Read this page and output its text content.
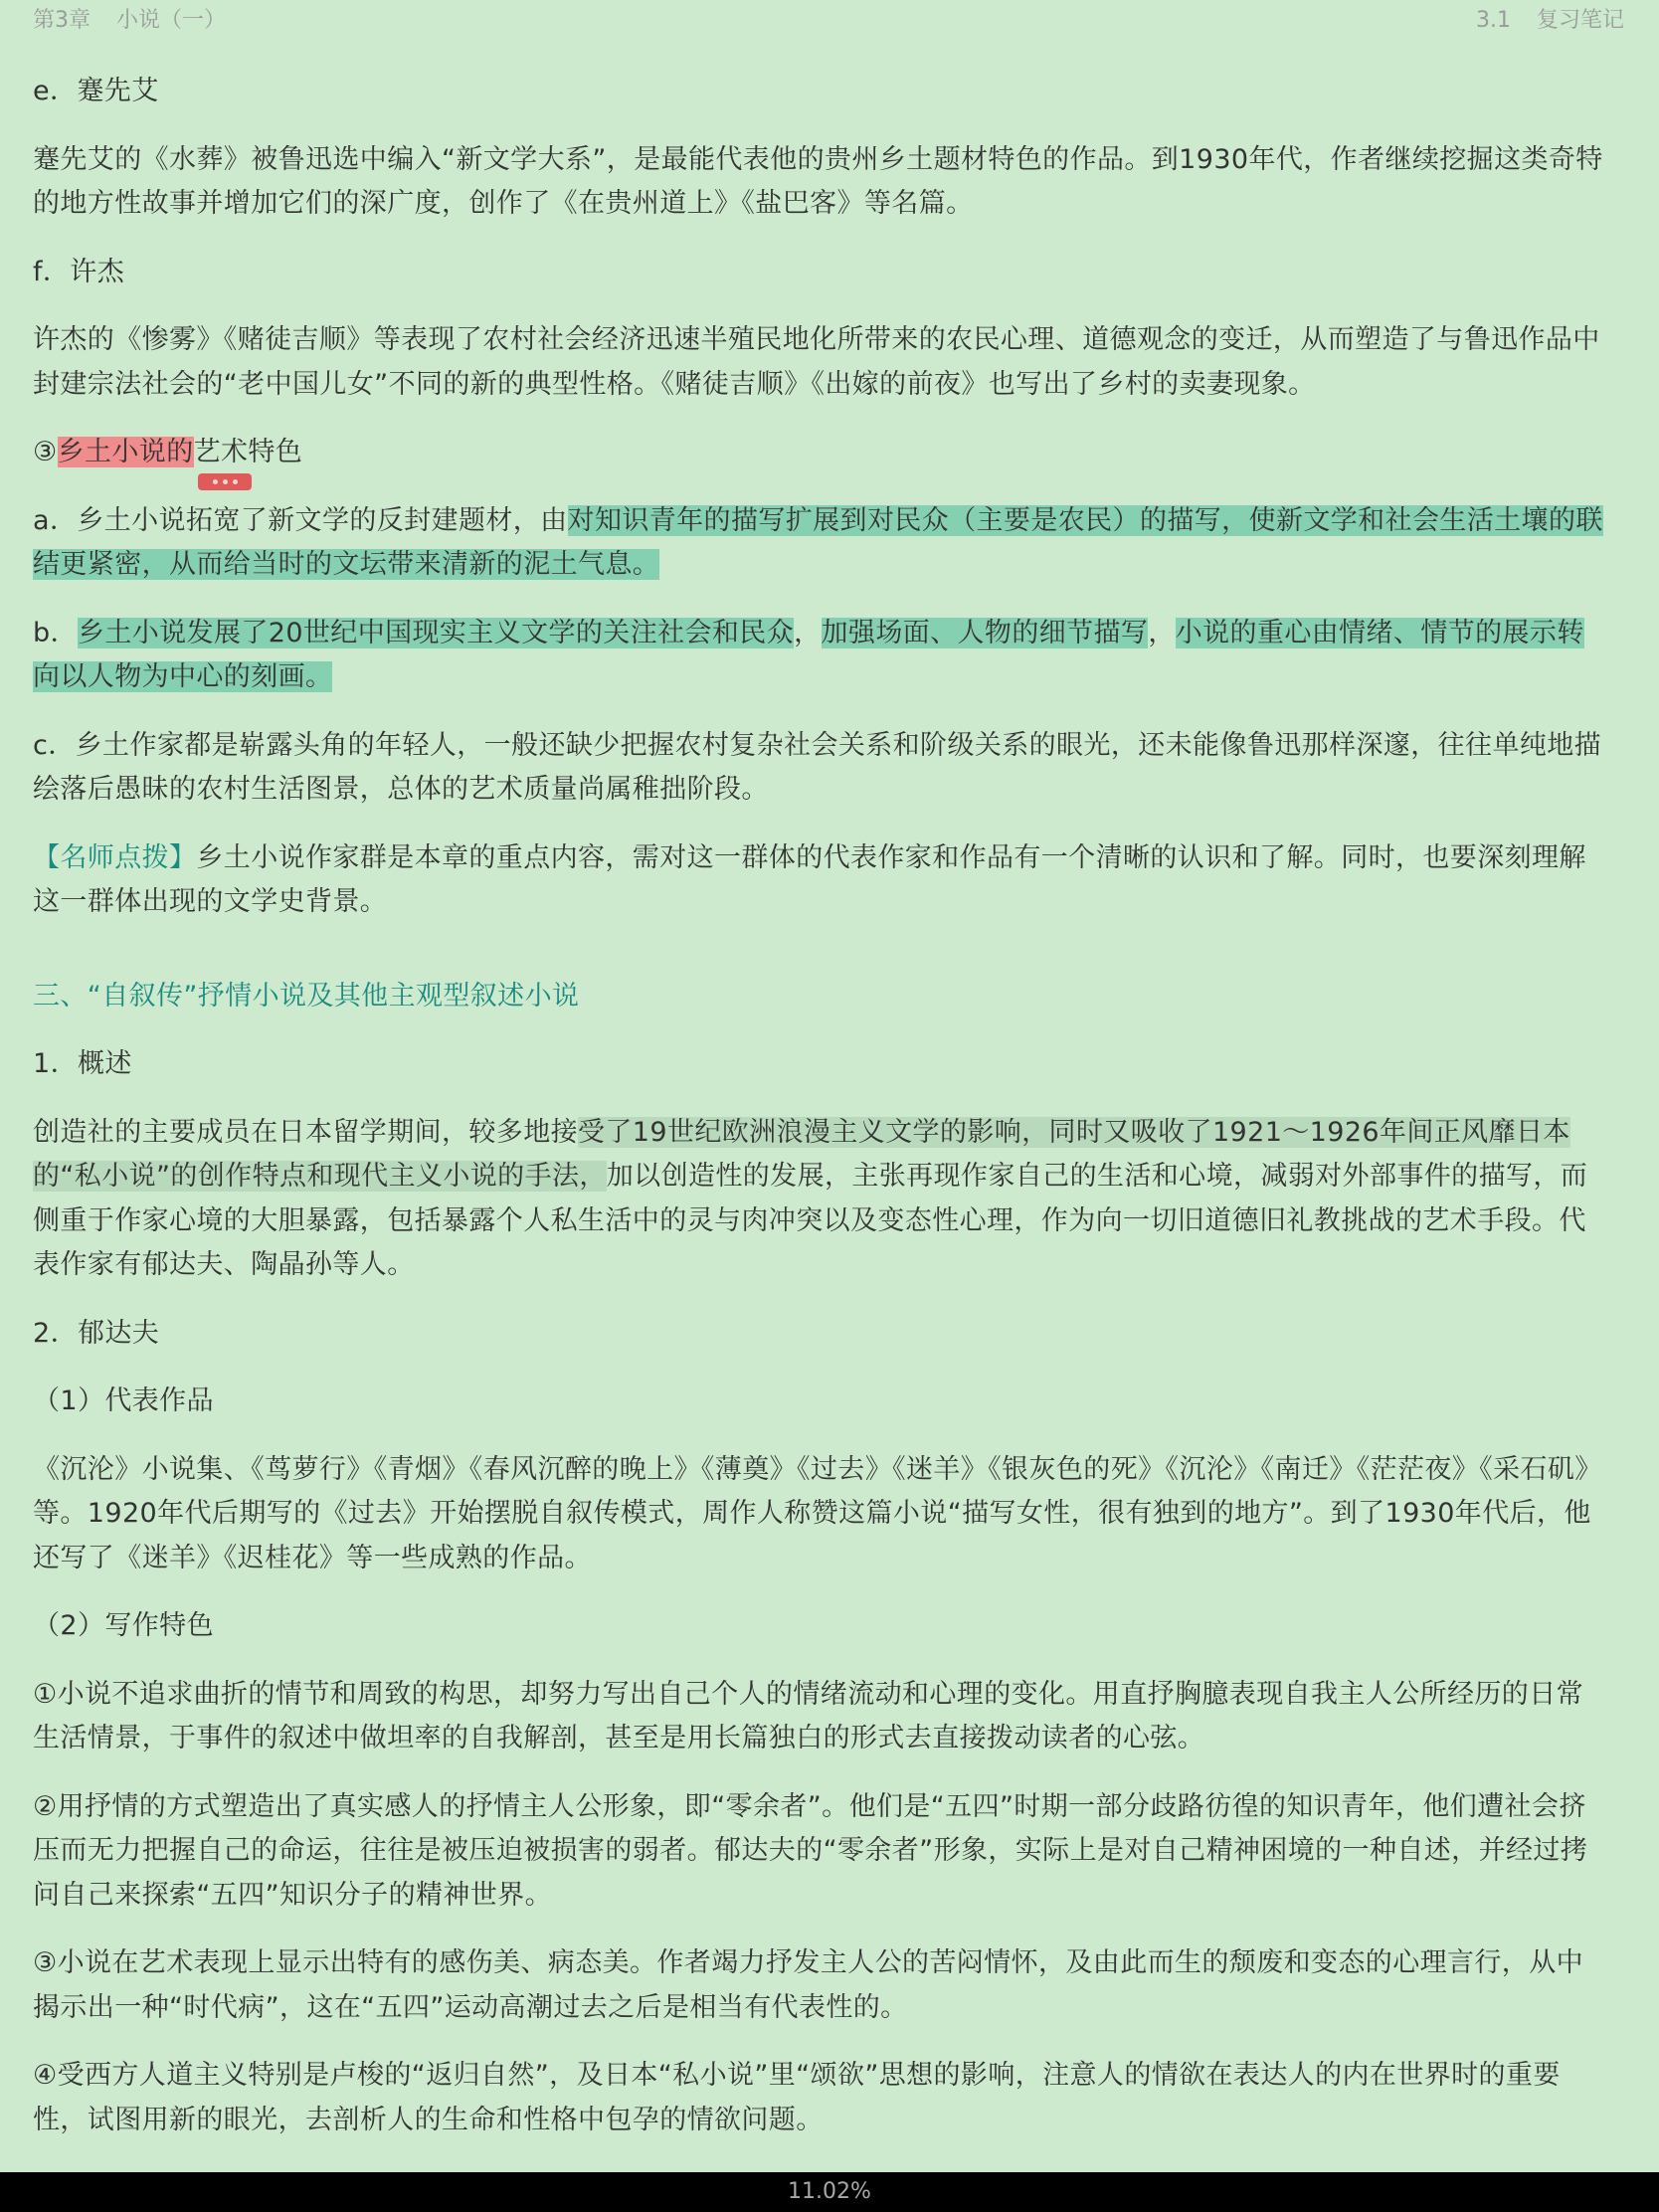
第3章 小说（一）	3.1 复习笔记

e．蹇先艾

蹇先艾的《水葬》被鲁迅选中编入“新文学大系”，是最能代表他的贵州乡土题材特色的作品。到1930年代，作者继续挖掘这类奇特的地方性故事并增加它们的深广度，创作了《在贵州道上》《盐巴客》等名篇。

f．许杰

许杰的《惨雾》《赌徒吉顺》等表现了农村社会经济迅速半殖民地化所带来的农民心理、道德观念的变迁，从而塑造了与鲁迅作品中封建宗法社会的“老中国儿女”不同的新的典型性格。《赌徒吉顺》《出嫁的前夜》也写出了乡村的卖妻现象。

③乡土小说的艺术特色

a．乡土小说拓宽了新文学的反封建题材，由对知识青年的描写扩展到对民众（主要是农民）的描写，使新文学和社会生活土壤的联结更紧密，从而给当时的文坛带来清新的泥土气息。

b．乡土小说发展了20世纪中国现实主义文学的关注社会和民众，加强场面、人物的细节描写，小说的重心由情绪、情节的展示转向以人物为中心的刻画。

c．乡土作家都是崭露头角的年轻人，一般还缺少把握农村复杂社会关系和阶级关系的眼光，还未能像鲁迅那样深邃，往往单纯地描绘落后愚昧的农村生活图景，总体的艺术质量尚属稚拙阶段。

【名师点拨】乡土小说作家群是本章的重点内容，需对这一群体的代表作家和作品有一个清晰的认识和了解。同时，也要深刻理解这一群体出现的文学史背景。

三、“自叙传”抒情小说及其他主观型叙述小说

1．概述

创造社的主要成员在日本留学期间，较多地接受了19世纪欧洲浪漫主义文学的影响，同时又吸收了1921～1926年间正风靡日本的“私小说”的创作特点和现代主义小说的手法，加以创造性的发展，主张再现作家自己的生活和心境，减弱对外部事件的描写，而侧重于作家心境的大胆暴露，包括暴露个人私生活中的灵与肉冲突以及变态性心理，作为向一切旧道德旧礼教挑战的艺术手段。代表作家有郁达夫、陶晶孙等人。

2．郁达夫

（1）代表作品

《沉沦》小说集、《茑萝行》《青烟》《春风沉醉的晚上》《薄奠》《过去》《迷羊》《银灰色的死》《沉沦》《南迁》《茫茫夜》《采石矶》等。1920年代后期写的《过去》开始摆脱自叙传模式，周作人称赞这篇小说“描写女性，很有独到的地方”。到了1930年代后，他还写了《迷羊》《迟桂花》等一些成熟的作品。

（2）写作特色

①小说不追求曲折的情节和周致的构思，却努力写出自己个人的情绪流动和心理的变化。用直抒胸臆表现自我主人公所经历的日常生活情景，于事件的叙述中做坦率的自我解剖，甚至是用长篇独白的形式去直接拨动读者的心弦。

②用抒情的方式塑造出了真实感人的抒情主人公形象，即“零余者”。他们是“五四”时期一部分歧路彷徨的知识青年，他们遭社会挤压而无力把握自己的命运，往往是被压迫被损害的弱者。郁达夫的“零余者”形象，实际上是对自己精神困境的一种自述，并经过拷问自己来探索“五四”知识分子的精神世界。

③小说在艺术表现上显示出特有的感伤美、病态美。作者竭力抒发主人公的苦闷情怀，及由此而生的颓废和变态的心理言行，从中揭示出一种“时代病”，这在“五四”运动高潮过去之后是相当有代表性的。

④受西方人道主义特别是卢梭的“返归自然”，及日本“私小说”里“颂欲”思想的影响，注意人的情欲在表达人的内在世界时的重要性，试图用新的眼光，去剖析人的生命和性格中包孕的情欲问题。

11.02%
